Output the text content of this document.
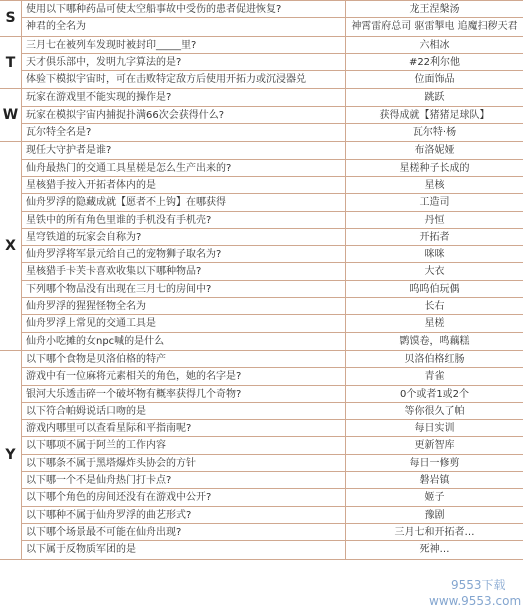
S
使用以下哪种药品可使太空船事故中受伤的患者促进恢复?	龙王涅槃汤
神君的全名为	神霄雷府总司 驱雷掣电 追魔扫秽天君
T
三月七在被列车发现时被封印_____里?	六相冰
天才俱乐部中，发明九字算法的是?	#22利尔他
体验下模拟宇宙时，可在击败特定敌方后使用开拓力或沉浸器兑	位面饰品
W
玩家在游戏里不能实现的操作是?	跳跃
玩家在模拟宇宙内捕捉扑满66次会获得什么?	获得成就【猪猪足球队】
瓦尔特全名是?	瓦尔特·杨
X
现任大守护者是谁?	布洛妮娅
仙舟最热门的交通工具星槎是怎么生产出来的?	星槎种子长成的
星核猎手按入开拓者体内的是	星核
仙舟罗浮的隐藏成就【愿者不上钩】在哪获得	工造司
星铁中的所有角色里谁的手机没有手机壳?	丹恒
星穹铁道的玩家会自称为?	开拓者
仙舟罗浮将军景元给自己的宠物狮子取名为?	咪咪
星核猎手卡芙卡喜欢收集以下哪种物品?	大衣
下列哪个物品没有出现在三月七的房间中?	呜呜伯玩偶
仙舟罗浮的猩猩怪物全名为	长右
仙舟罗浮上常见的交通工具是	星槎
仙舟小吃摊的女npc喊的是什么	鹮馍卷，鸣藕糕
Y
以下哪个食物是贝洛伯格的特产	贝洛伯格红肠
游戏中有一位麻将元素相关的角色，她的名字是?	青雀
银河大乐透击碎一个破坏物有概率获得几个奇物?	0个或者1或2个
以下符合帕姆说话口吻的是	等你很久了帕
游戏内哪里可以查看星际和平指南呢?	每日实训
以下哪项不属于阿兰的工作内容	更新智库
以下哪条不属于黑塔爆炸头协会的方针	每日一修剪
以下哪一个不是仙舟热门打卡点?	磐岩镇
以下哪个角色的房间还没有在游戏中公开?	姬子
以下哪种不属于仙舟罗浮的曲艺形式?	豫剧
以下哪个场景最不可能在仙舟出现?	三月七和开拓者…
以下属于反物质军团的是	死神…
9553下载
www.9553.com
